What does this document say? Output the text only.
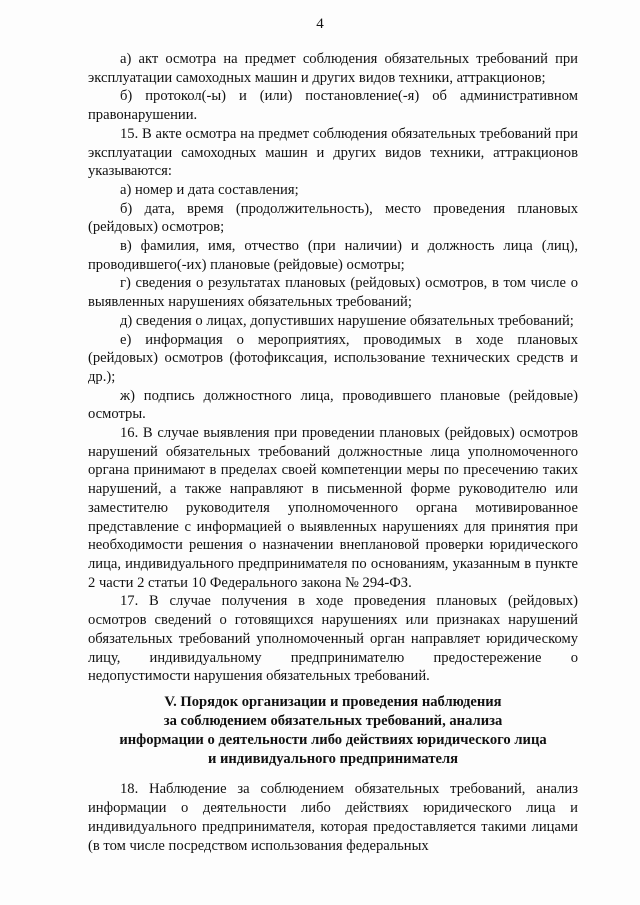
4

а) акт осмотра на предмет соблюдения обязательных требований при эксплуатации самоходных машин и других видов техники, аттракционов;

б) протокол(-ы) и (или) постановление(-я) об административном правонарушении.

15. В акте осмотра на предмет соблюдения обязательных требований при эксплуатации самоходных машин и других видов техники, аттракционов указываются:

а) номер и дата составления;

б) дата, время (продолжительность), место проведения плановых (рейдовых) осмотров;

в) фамилия, имя, отчество (при наличии) и должность лица (лиц), проводившего(-их) плановые (рейдовые) осмотры;

г) сведения о результатах плановых (рейдовых) осмотров, в том числе о выявленных нарушениях обязательных требований;

д) сведения о лицах, допустивших нарушение обязательных требований;

е) информация о мероприятиях, проводимых в ходе плановых (рейдовых) осмотров (фотофиксация, использование технических средств и др.);

ж) подпись должностного лица, проводившего плановые (рейдовые) осмотры.

16. В случае выявления при проведении плановых (рейдовых) осмотров нарушений обязательных требований должностные лица уполномоченного органа принимают в пределах своей компетенции меры по пресечению таких нарушений, а также направляют в письменной форме руководителю или заместителю руководителя уполномоченного органа мотивированное представление с информацией о выявленных нарушениях для принятия при необходимости решения о назначении внеплановой проверки юридического лица, индивидуального предпринимателя по основаниям, указанным в пункте 2 части 2 статьи 10 Федерального закона № 294-ФЗ.

17. В случае получения в ходе проведения плановых (рейдовых) осмотров сведений о готовящихся нарушениях или признаках нарушений обязательных требований уполномоченный орган направляет юридическому лицу, индивидуальному предпринимателю предостережение о недопустимости нарушения обязательных требований.

V. Порядок организации и проведения наблюдения
за соблюдением обязательных требований, анализа
информации о деятельности либо действиях юридического лица
и индивидуального предпринимателя

18. Наблюдение за соблюдением обязательных требований, анализ информации о деятельности либо действиях юридического лица и индивидуального предпринимателя, которая предоставляется такими лицами (в том числе посредством использования федеральных
